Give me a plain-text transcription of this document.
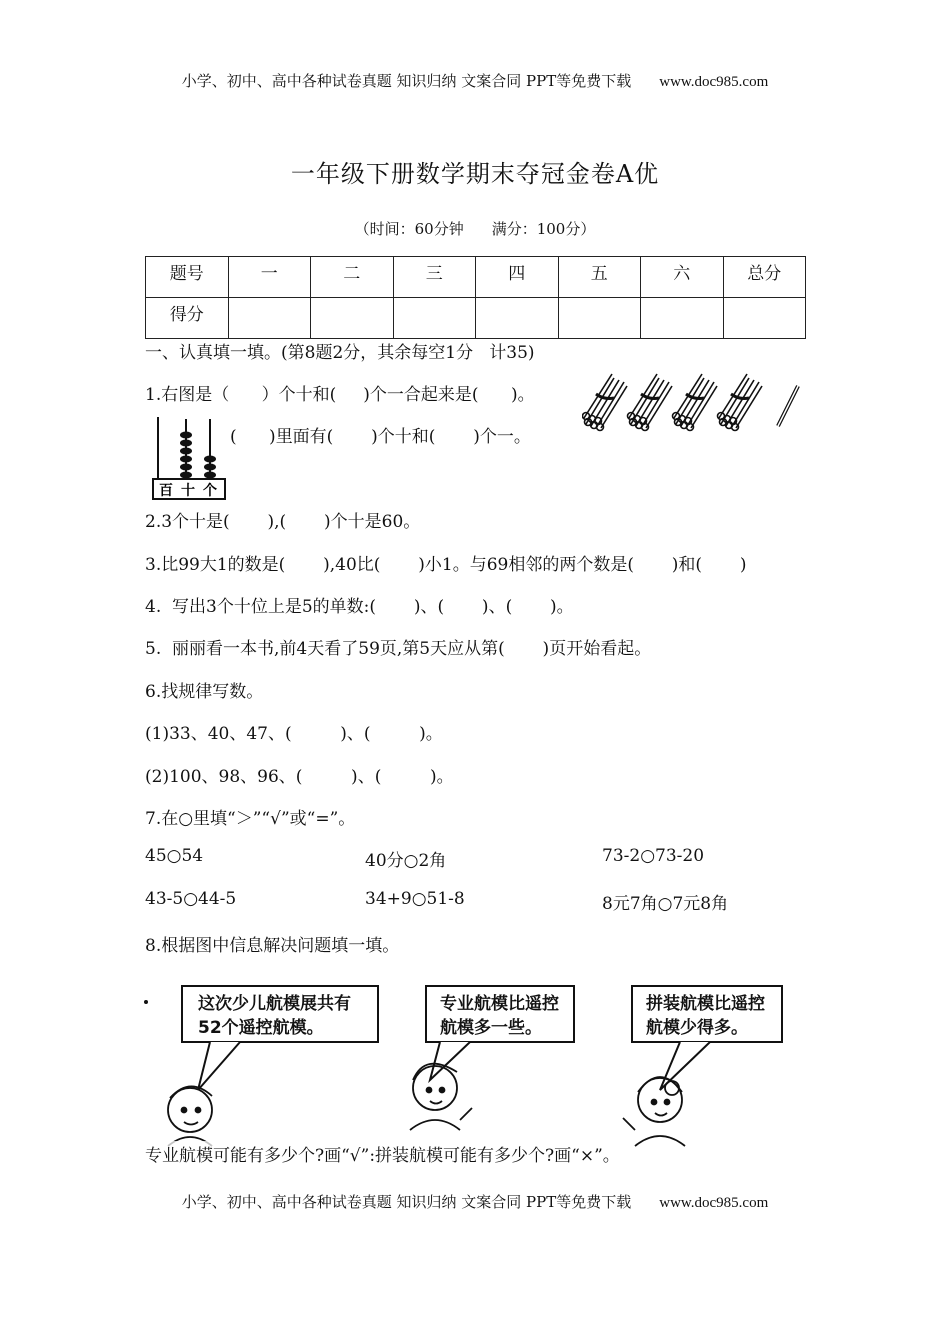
小学、初中、高中各种试卷真题 知识归纳 文案合同 PPT等免费下载 www.doc985.com
一年级下册数学期末夺冠金卷A优
（时间：60分钟 满分：100分）
题号	一	二	三	四	五	六	总分
得分							
一、认真填一填。(第8题2分，其余每空1分   计35)
1.右图是（      ）个十和(     )个一合起来是(      )。
百 十 个
(      )里面有(       )个十和(       )个一。
2.3个十是(       ),(       )个十是60。
3.比99大1的数是(       ),40比(       )小1。与69相邻的两个数是(       )和(       )
4.  写出3个十位上是5的单数:(       )、(       )、(       )。
5.  丽丽看一本书,前4天看了59页,第5天应从第(       )页开始看起。
6.找规律写数。
(1)33、40、47、(         )、(         )。
(2)100、98、96、(         )、(         )。
7.在○里填“＞”“√”或“=”。
45○54	40分○2角	73-2○73-20
43-5○44-5	34+9○51-8	8元7角○7元8角
8.根据图中信息解决问题填一填。
这次少儿航模展共有
52个遥控航模。
专业航模比遥控
航模多一些。
拼装航模比遥控
航模少得多。
专业航模可能有多少个?画“√”:拼装航模可能有多少个?画“×”。
小学、初中、高中各种试卷真题 知识归纳 文案合同 PPT等免费下载 www.doc985.com
